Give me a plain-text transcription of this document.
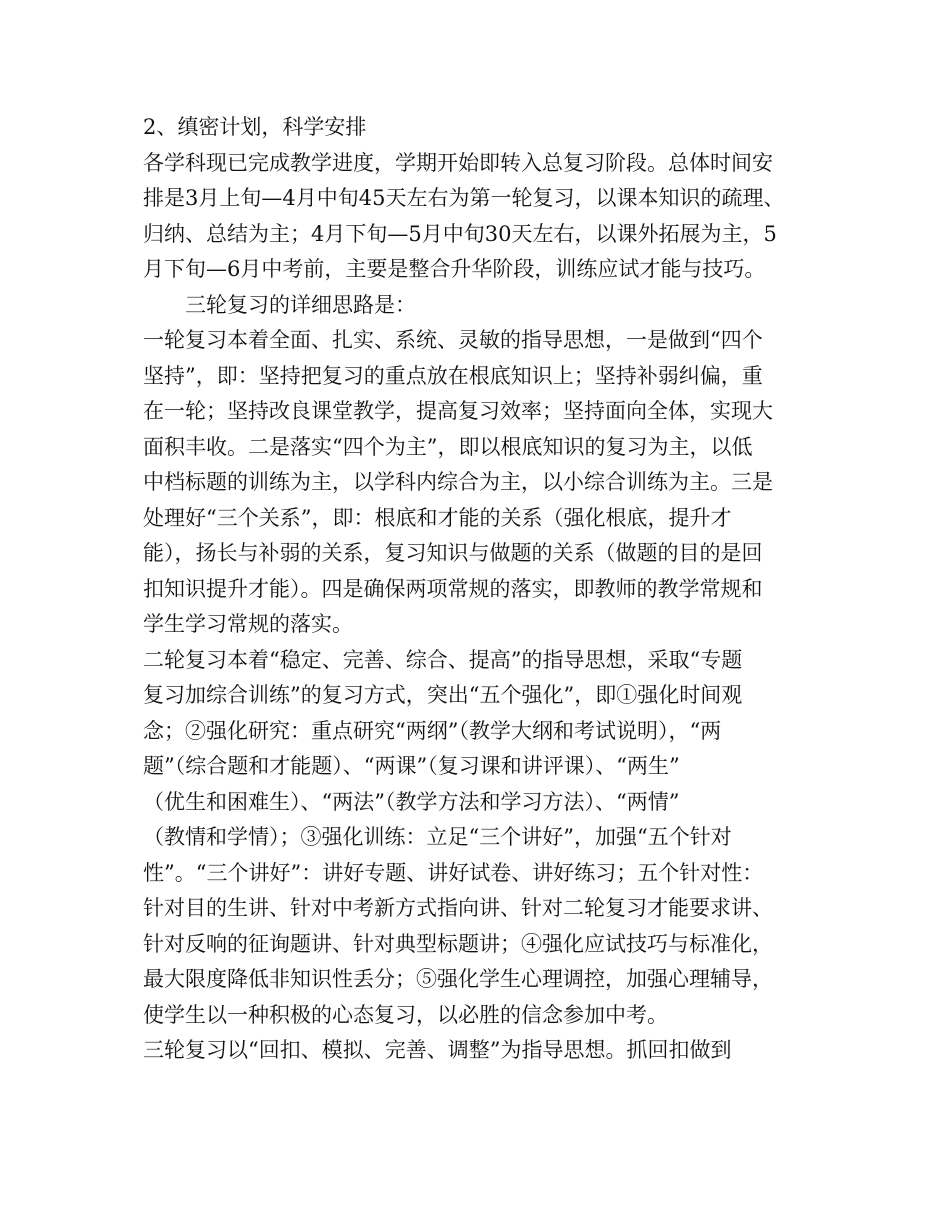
2、缜密计划，科学安排
各学科现已完成教学进度，学期开始即转入总复习阶段。总体时间安
排是3月上旬—4月中旬45天左右为第一轮复习，以课本知识的疏理、
归纳、总结为主；4月下旬—5月中旬30天左右，以课外拓展为主，5
月下旬—6月中考前，主要是整合升华阶段，训练应试才能与技巧。
三轮复习的详细思路是：
一轮复习本着全面、扎实、系统、灵敏的指导思想，一是做到“四个
坚持”，即：坚持把复习的重点放在根底知识上；坚持补弱纠偏，重
在一轮；坚持改良课堂教学，提高复习效率；坚持面向全体，实现大
面积丰收。二是落实“四个为主”，即以根底知识的复习为主，以低
中档标题的训练为主，以学科内综合为主，以小综合训练为主。三是
处理好“三个关系”，即：根底和才能的关系（强化根底，提升才
能），扬长与补弱的关系，复习知识与做题的关系（做题的目的是回
扣知识提升才能）。四是确保两项常规的落实，即教师的教学常规和
学生学习常规的落实。
二轮复习本着“稳定、完善、综合、提高”的指导思想，采取“专题
复习加综合训练”的复习方式，突出“五个强化”，即①强化时间观
念；②强化研究：重点研究“两纲”（教学大纲和考试说明），“两
题”（综合题和才能题）、“两课”（复习课和讲评课）、“两生”
（优生和困难生）、“两法”（教学方法和学习方法）、“两情”
（教情和学情）；③强化训练：立足“三个讲好”，加强“五个针对
性”。“三个讲好”：讲好专题、讲好试卷、讲好练习；五个针对性：
针对目的生讲、针对中考新方式指向讲、针对二轮复习才能要求讲、
针对反响的征询题讲、针对典型标题讲；④强化应试技巧与标准化，
最大限度降低非知识性丢分；⑤强化学生心理调控，加强心理辅导，
使学生以一种积极的心态复习，以必胜的信念参加中考。
三轮复习以“回扣、模拟、完善、调整”为指导思想。抓回扣做到
